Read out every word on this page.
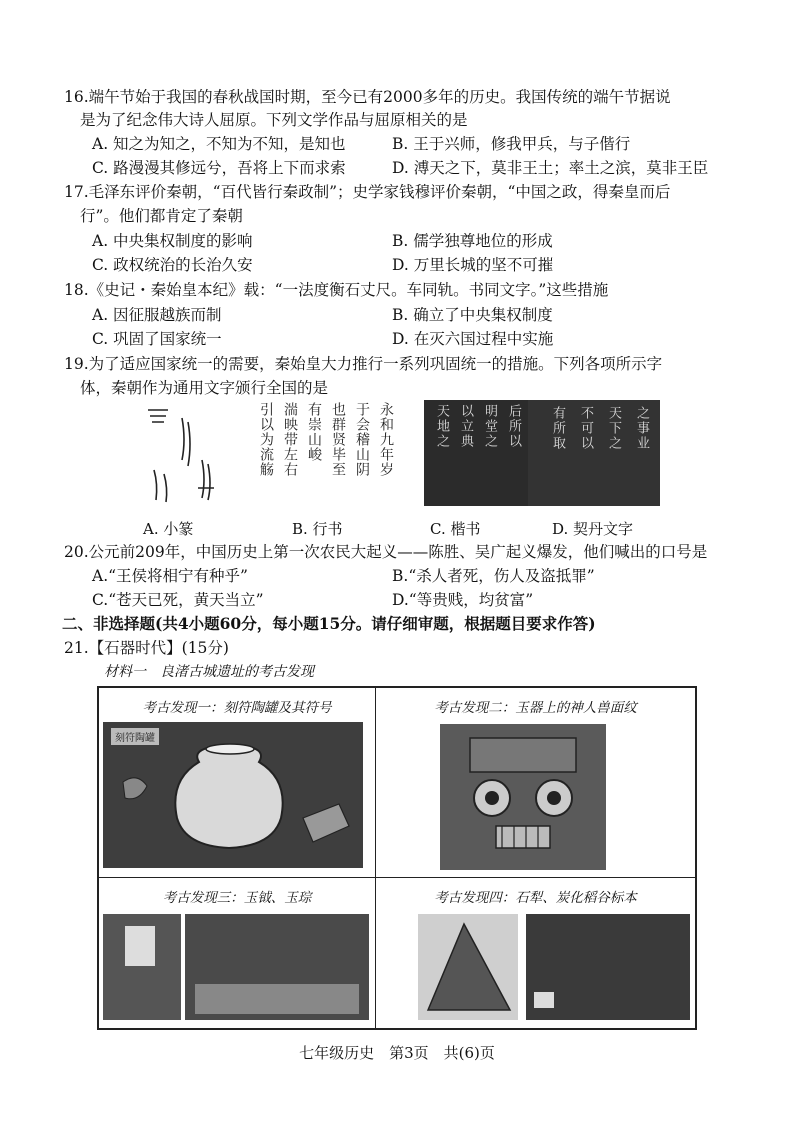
16.端午节始于我国的春秋战国时期，至今已有2000多年的历史。我国传统的端午节据说
是为了纪念伟大诗人屈原。下列文学作品与屈原相关的是
A. 知之为知之，不知为不知，是知也	B. 王于兴师，修我甲兵，与子偕行
C. 路漫漫其修远兮，吾将上下而求索	D. 溥天之下，莫非王土；率土之滨，莫非王臣
17.毛泽东评价秦朝，“百代皆行秦政制”；史学家钱穆评价秦朝，“中国之政，得秦皇而后
行”。他们都肯定了秦朝
A. 中央集权制度的影响	B. 儒学独尊地位的形成
C. 政权统治的长治久安	D. 万里长城的坚不可摧
18.《史记・秦始皇本纪》载：“一法度衡石丈尺。车同轨。书同文字。”这些措施
A. 因征服越族而制	B. 确立了中央集权制度
C. 巩固了国家统一	D. 在灭六国过程中实施
19.为了适应国家统一的需要，秦始皇大力推行一系列巩固统一的措施。下列各项所示字
体，秦朝作为通用文字颁行全国的是
永和九年岁
于会稽山阴
也群贤毕至
有崇山峻
湍映带左右
引以为流觞	后所以
明堂之
以立典
天地之	之事业
天下之
不可以
有所取
A. 小篆	B. 行书	C. 楷书	D. 契丹文字
20.公元前209年，中国历史上第一次农民大起义——陈胜、吴广起义爆发，他们喊出的口号是
A.“王侯将相宁有种乎”	B.“杀人者死，伤人及盗抵罪”
C.“苍天已死，黄天当立”	D.“等贵贱，均贫富”
二、非选择题(共4小题60分，每小题15分。请仔细审题，根据题目要求作答)
21.【石器时代】(15分)
材料一　良渚古城遗址的考古发现
考古发现一：刻符陶罐及其符号
刻符陶罐
考古发现二：玉器上的神人兽面纹
考古发现三：玉钺、玉琮	考古发现四：石犁、炭化稻谷标本
七年级历史　第3页　共(6)页
